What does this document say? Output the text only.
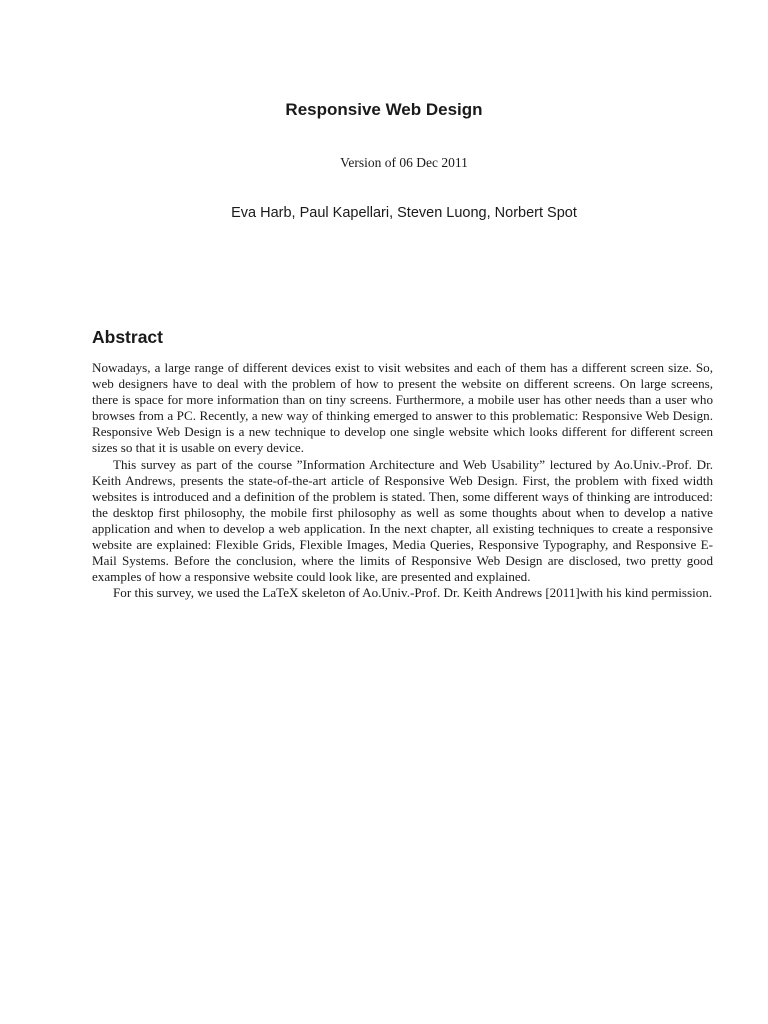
Responsive Web Design
Version of 06 Dec 2011
Eva Harb, Paul Kapellari, Steven Luong, Norbert Spot
Abstract

Nowadays, a large range of different devices exist to visit websites and each of them has a different screen size. So, web designers have to deal with the problem of how to present the website on different screens. On large screens, there is space for more information than on tiny screens. Furthermore, a mobile user has other needs than a user who browses from a PC. Recently, a new way of thinking emerged to answer to this problematic: Responsive Web Design. Responsive Web Design is a new technique to develop one single website which looks different for different screen sizes so that it is usable on every device.

This survey as part of the course ”Information Architecture and Web Usability” lectured by Ao.Univ.-Prof. Dr. Keith Andrews, presents the state-of-the-art article of Responsive Web Design. First, the problem with fixed width websites is introduced and a definition of the problem is stated. Then, some different ways of thinking are introduced: the desktop first philosophy, the mobile first philosophy as well as some thoughts about when to develop a native application and when to develop a web application. In the next chapter, all existing techniques to create a responsive website are explained: Flexible Grids, Flexible Images, Media Queries, Responsive Typography, and Responsive E-Mail Systems. Before the conclusion, where the limits of Responsive Web Design are disclosed, two pretty good examples of how a responsive website could look like, are presented and explained.

For this survey, we used the LaTeX skeleton of Ao.Univ.-Prof. Dr. Keith Andrews [2011]with his kind permission.
